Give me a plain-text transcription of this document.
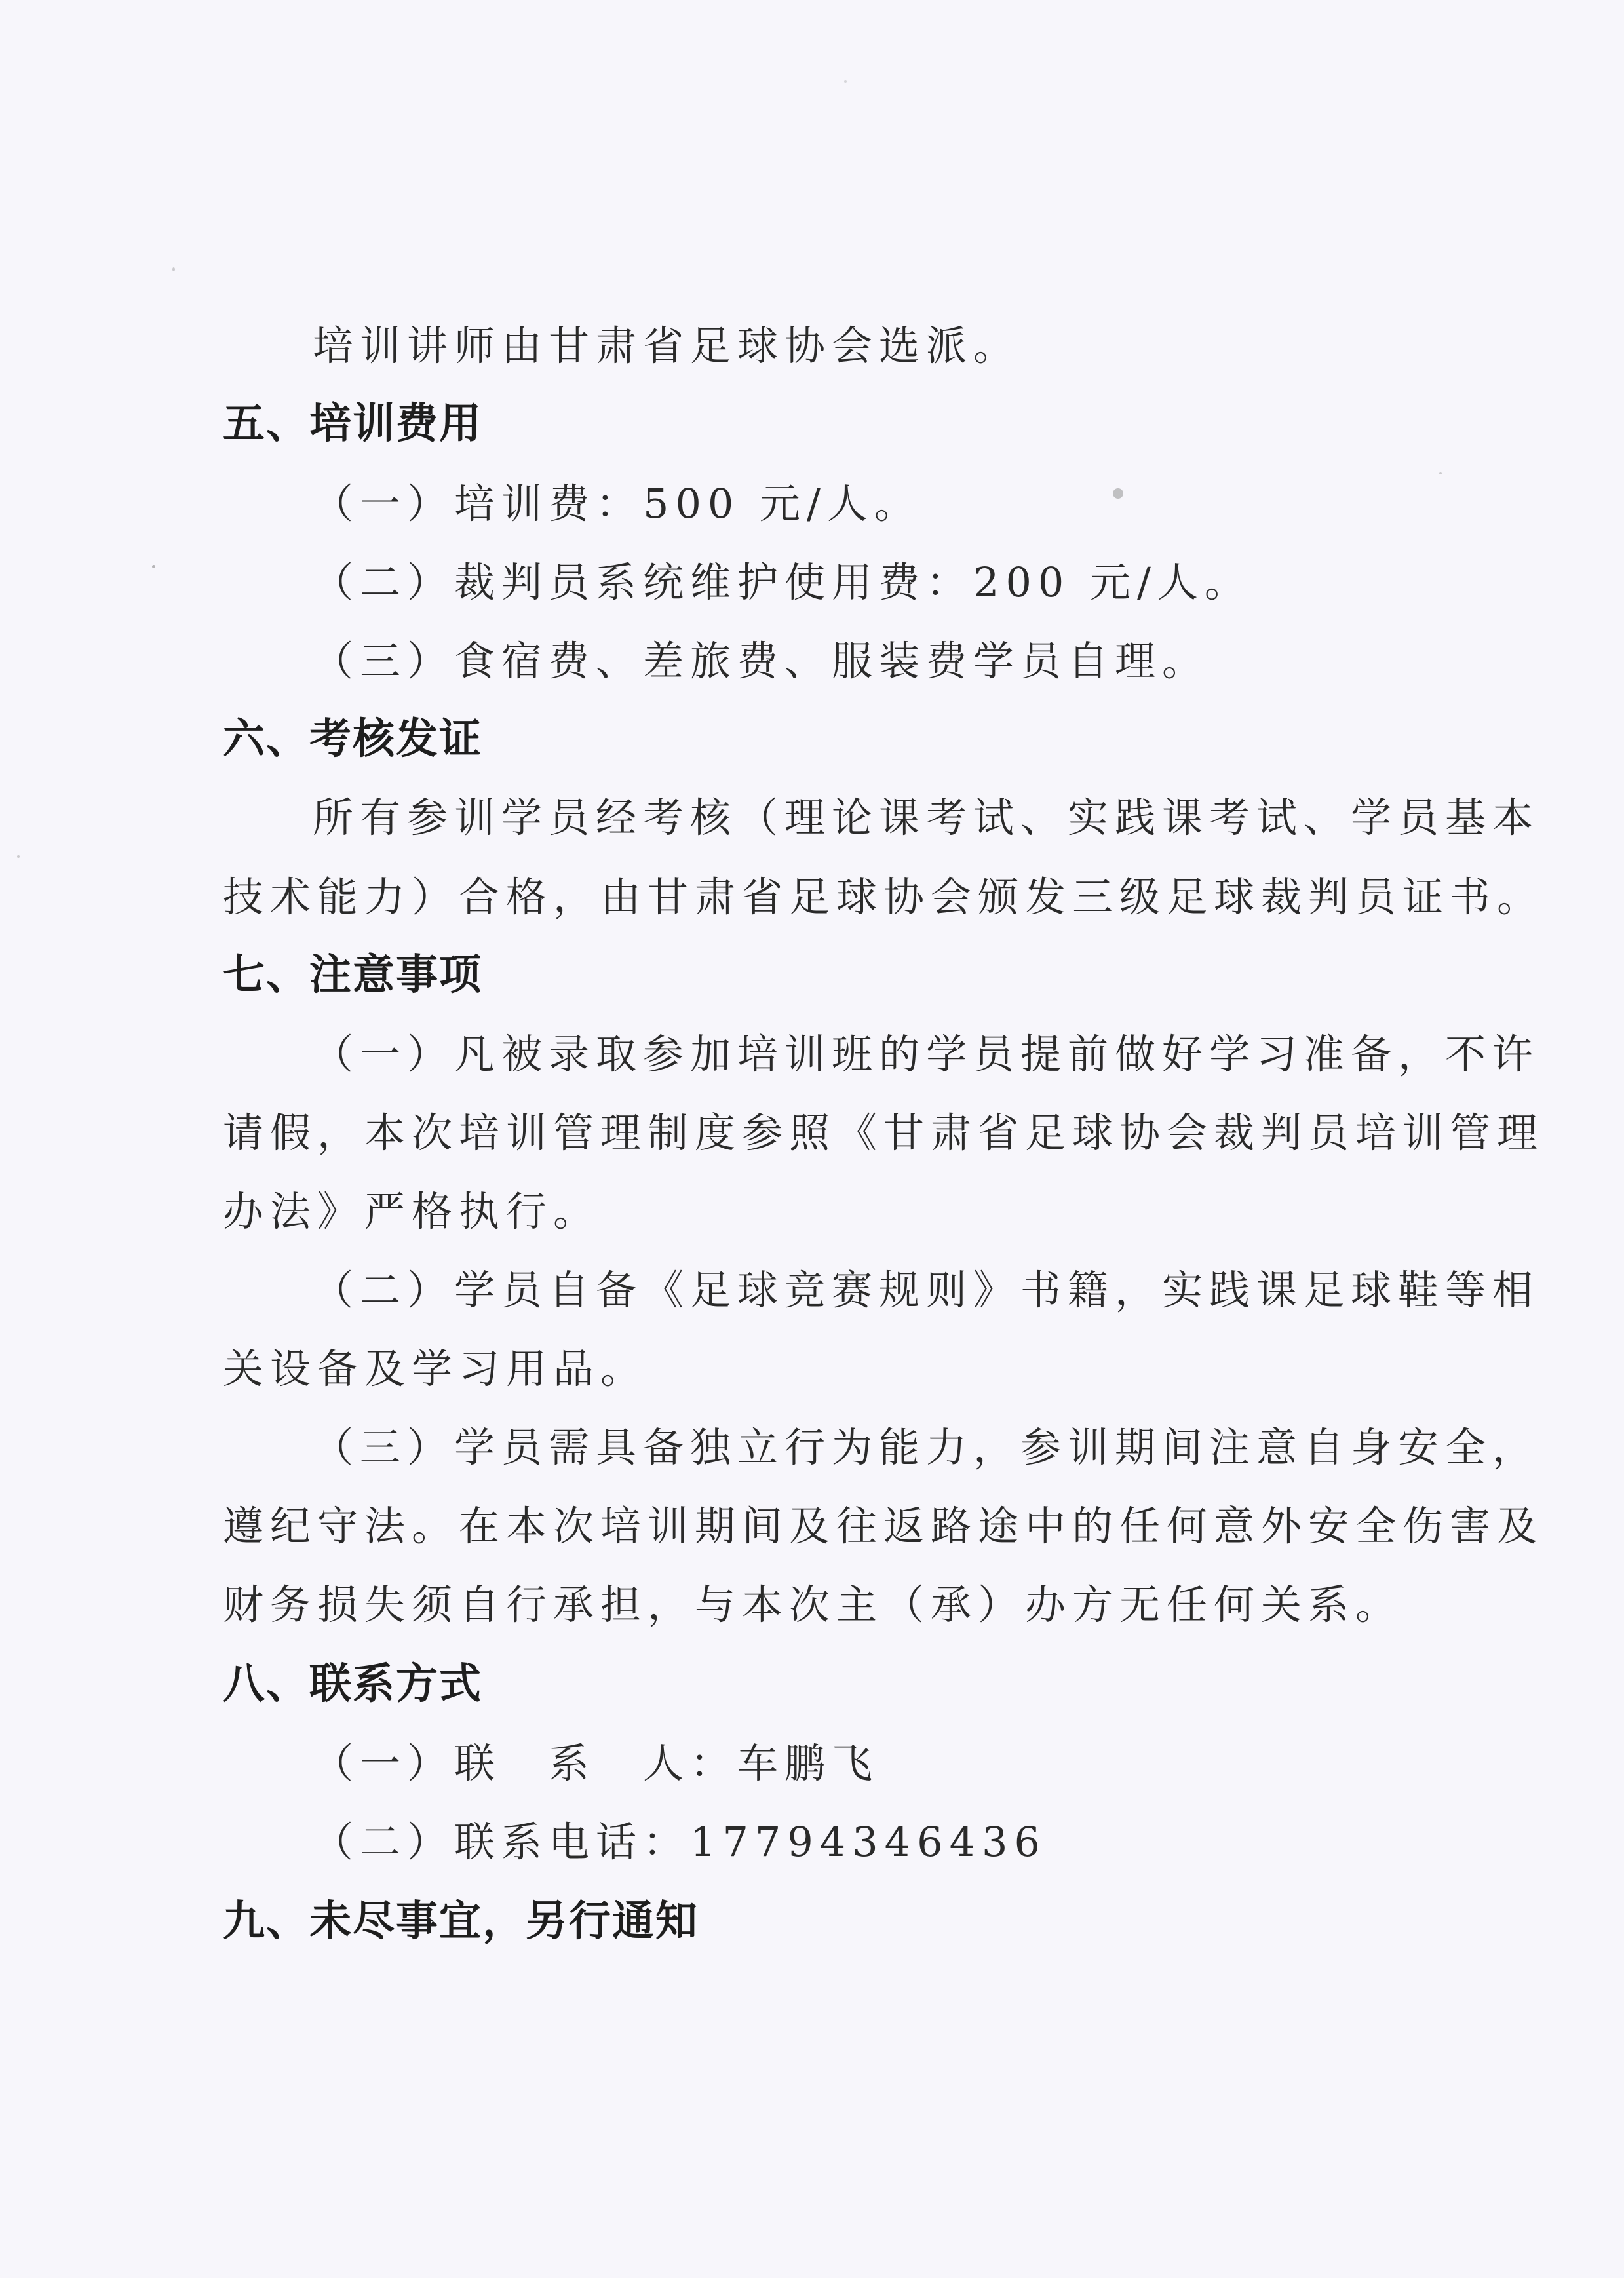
培训讲师由甘肃省足球协会选派。
五、培训费用
（一）培训费：500 元/人。
（二）裁判员系统维护使用费：200 元/人。
（三）食宿费、差旅费、服装费学员自理。
六、考核发证
所有参训学员经考核（理论课考试、实践课考试、学员基本
技术能力）合格，由甘肃省足球协会颁发三级足球裁判员证书。
七、注意事项
（一）凡被录取参加培训班的学员提前做好学习准备，不许
请假，本次培训管理制度参照《甘肃省足球协会裁判员培训管理
办法》严格执行。
（二）学员自备《足球竞赛规则》书籍，实践课足球鞋等相
关设备及学习用品。
（三）学员需具备独立行为能力，参训期间注意自身安全，
遵纪守法。在本次培训期间及往返路途中的任何意外安全伤害及
财务损失须自行承担，与本次主（承）办方无任何关系。
八、联系方式
（一）联　系　人：车鹏飞
（二）联系电话：17794346436
九、未尽事宜，另行通知
